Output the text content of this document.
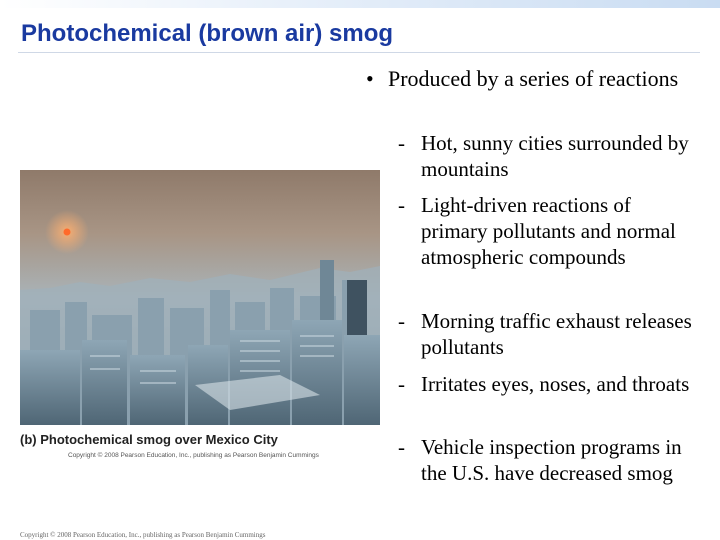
Photochemical (brown air) smog
• Produced by a series of reactions
- Hot, sunny cities surrounded by mountains
- Light-driven reactions of primary pollutants and normal atmospheric compounds
- Morning traffic exhaust releases pollutants
- Irritates eyes, noses, and throats
- Vehicle inspection programs in the U.S. have decreased smog
(b) Photochemical smog over Mexico City
Copyright © 2008 Pearson Education, Inc., publishing as Pearson Benjamin Cummings
Copyright © 2008 Pearson Education, Inc., publishing as Pearson Benjamin Cummings
